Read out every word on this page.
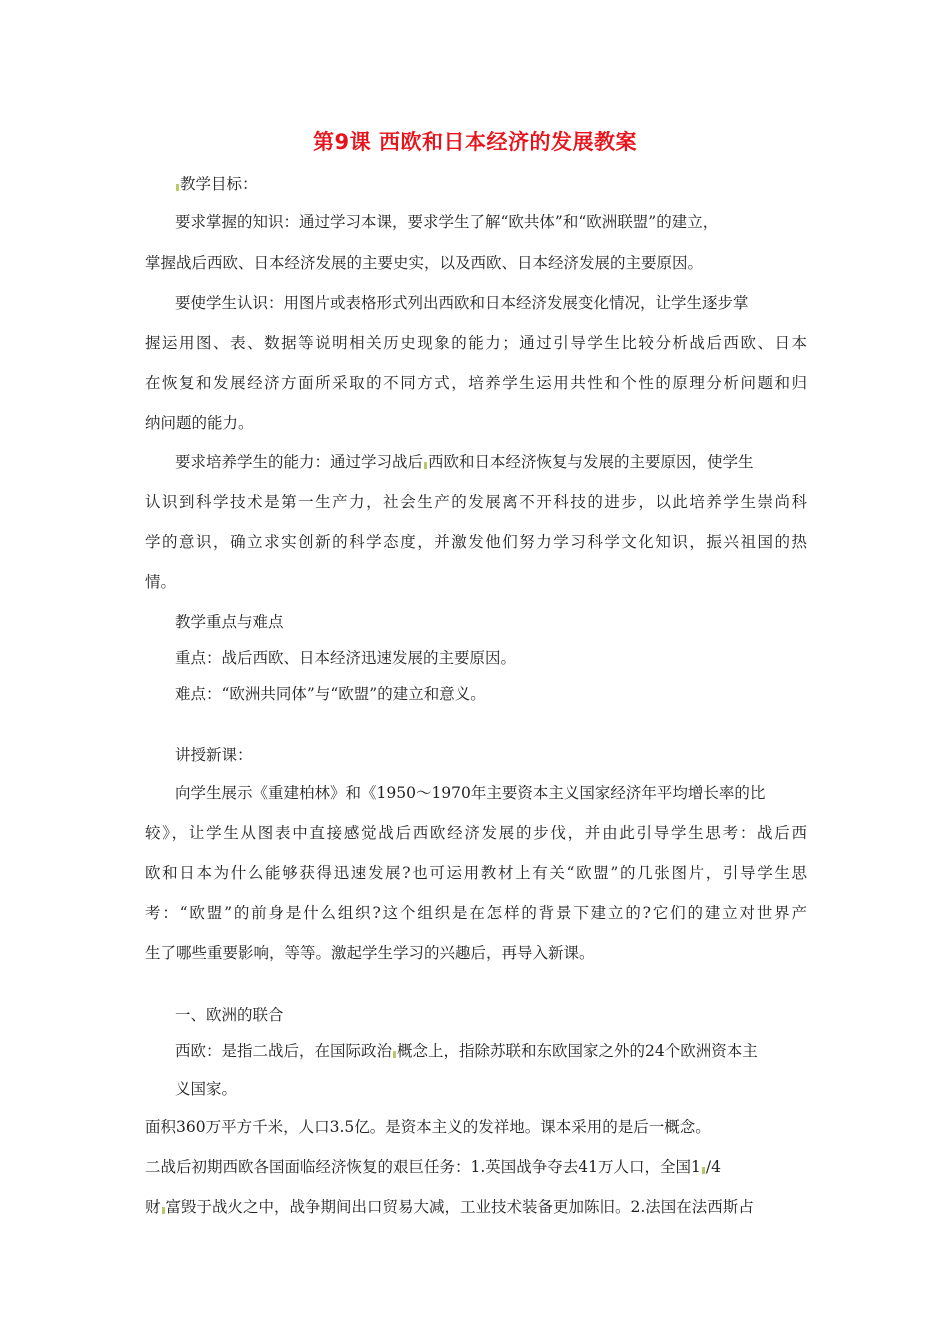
第9课 西欧和日本经济的发展教案
教学目标：
要求掌握的知识：通过学习本课，要求学生了解“欧共体”和“欧洲联盟”的建立，
掌握战后西欧、日本经济发展的主要史实，以及西欧、日本经济发展的主要原因。
要使学生认识：用图片或表格形式列出西欧和日本经济发展变化情况，让学生逐步掌
握运用图、表、数据等说明相关历史现象的能力；通过引导学生比较分析战后西欧、日本
在恢复和发展经济方面所采取的不同方式，培养学生运用共性和个性的原理分析问题和归
纳问题的能力。
要求培养学生的能力：通过学习战后 西欧和日本经济恢复与发展的主要原因，使学生
认识到科学技术是第一生产力，社会生产的发展离不开科技的进步，以此培养学生崇尚科
学的意识，确立求实创新的科学态度，并激发他们努力学习科学文化知识，振兴祖国的热
情。
教学重点与难点
重点：战后西欧、日本经济迅速发展的主要原因。
难点：“欧洲共同体”与“欧盟”的建立和意义。
讲授新课：
向学生展示《重建柏林》和《1950～1970年主要资本主义国家经济年平均增长率的比
较》，让学生从图表中直接感觉战后西欧经济发展的步伐，并由此引导学生思考：战后西
欧和日本为什么能够获得迅速发展?也可运用教材上有关“欧盟”的几张图片，引导学生思
考：“欧盟”的前身是什么组织?这个组织是在怎样的背景下建立的?它们的建立对世界产
生了哪些重要影响，等等。激起学生学习的兴趣后，再导入新课。
一、欧洲的联合
西欧：是指二战后，在国际政治 概念上，指除苏联和东欧国家之外的24个欧洲资本主
义国家。
面积360万平方千米，人口3.5亿。是资本主义的发祥地。课本采用的是后一概念。
二战后初期西欧各国面临经济恢复的艰巨任务：1.英国战争夺去41万人口，全国1 /4
财 富毁于战火之中，战争期间出口贸易大减，工业技术装备更加陈旧。2.法国在法西斯占
